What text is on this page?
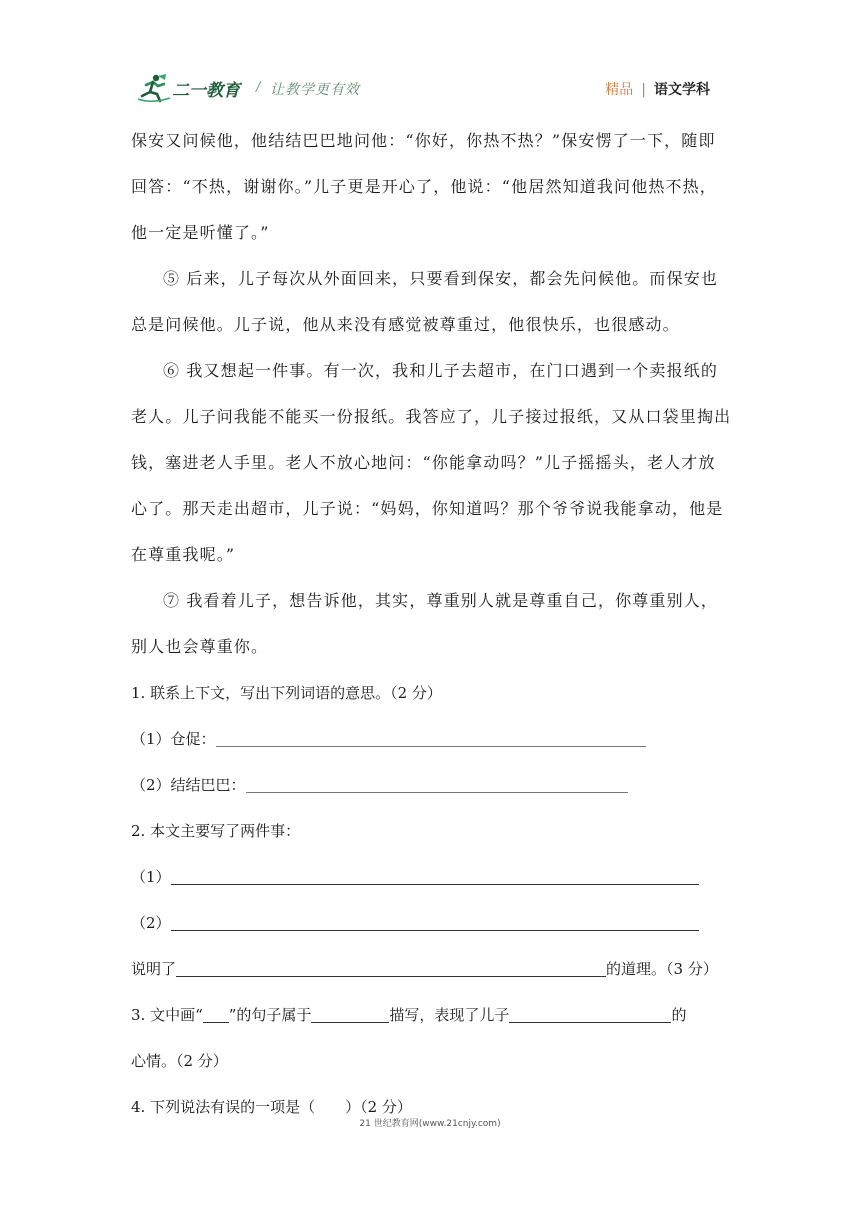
二一教育 / 让教学更有效	精品 | 语文学科
保安又问候他，他结结巴巴地问他：“你好，你热不热？”保安愣了一下，随即
回答：“不热，谢谢你。”儿子更是开心了，他说：“他居然知道我问他热不热，
他一定是听懂了。”
⑤ 后来，儿子每次从外面回来，只要看到保安，都会先问候他。而保安也
总是问候他。儿子说，他从来没有感觉被尊重过，他很快乐，也很感动。
⑥ 我又想起一件事。有一次，我和儿子去超市，在门口遇到一个卖报纸的
老人。儿子问我能不能买一份报纸。我答应了，儿子接过报纸，又从口袋里掏出
钱，塞进老人手里。老人不放心地问：“你能拿动吗？”儿子摇摇头，老人才放
心了。那天走出超市，儿子说：“妈妈，你知道吗？那个爷爷说我能拿动，他是
在尊重我呢。”
⑦ 我看着儿子，想告诉他，其实，尊重别人就是尊重自己，你尊重别人，
别人也会尊重你。
1. 联系上下文，写出下列词语的意思。（2 分）
（1）仓促：
（2）结结巴巴：
2. 本文主要写了两件事：
（1）
（2）
说明了	的道理。（3 分）
3. 文中画“ ”的句子属于	描写，表现了儿子	的
心情。（2 分）
4. 下列说法有误的一项是（　　）（2 分）
21 世纪教育网(www.21cnjy.com)
